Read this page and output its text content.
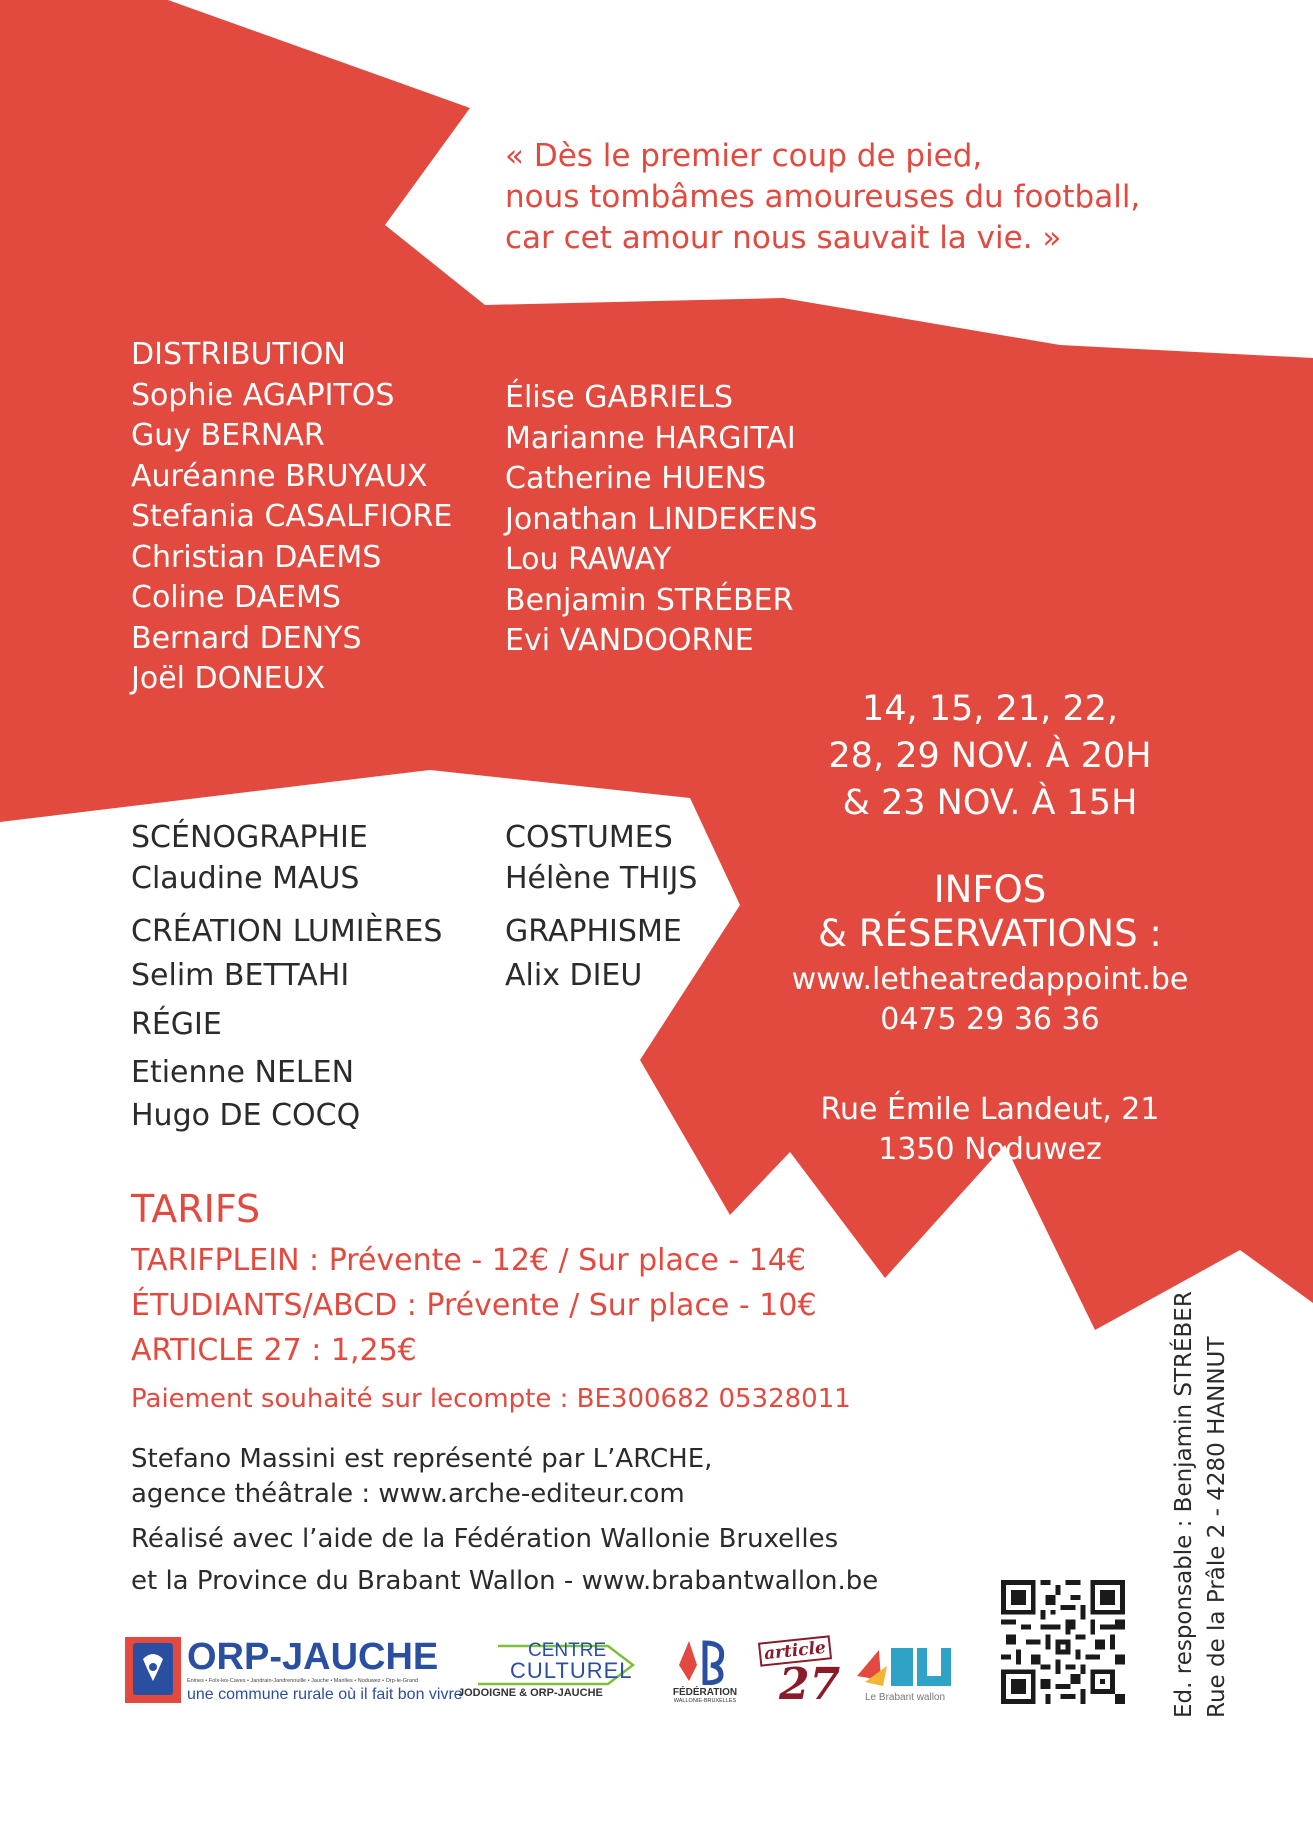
« Dès le premier coup de pied,
nous tombâmes amoureuses du football,
car cet amour nous sauvait la vie. »
DISTRIBUTION
Sophie AGAPITOS
Guy BERNAR
Auréanne BRUYAUX
Stefania CASALFIORE
Christian DAEMS
Coline DAEMS
Bernard DENYS
Joël DONEUX
Élise GABRIELS
Marianne HARGITAI
Catherine HUENS
Jonathan LINDEKENS
Lou RAWAY
Benjamin STRÉBER
Evi VANDOORNE
14, 15, 21, 22,
28, 29 NOV. À 20H
& 23 NOV. À 15H
INFOS
& RÉSERVATIONS :
www.letheatredappoint.be
0475 29 36 36
Rue Émile Landeut, 21
1350 Noduwez
SCÉNOGRAPHIE
Claudine MAUS
CRÉATION LUMIÈRES
Selim BETTAHI
RÉGIE
Etienne NELEN
Hugo DE COCQ
COSTUMES
Hélène THIJS
GRAPHISME
Alix DIEU
TARIFS
TARIFPLEIN : Prévente - 12€ / Sur place - 14€
ÉTUDIANTS/ABCD : Prévente / Sur place - 10€
ARTICLE 27 : 1,25€
Paiement souhaité sur lecompte : BE300682 05328011
Stefano Massini est représenté par L’ARCHE,
agence théâtrale : www.arche-editeur.com
Réalisé avec l’aide de la Fédération Wallonie Bruxelles
et la Province du Brabant Wallon - www.brabantwallon.be	Ed. responsable : Benjamin STRÉBER Rue de la Prâle 2 - 4280 HANNUT
ORP-JAUCHE
Enines • Folx-les-Caves • Jandrain-Jandrenouille • Jauche • Marilles • Noduwez • Orp-le-Grand
une commune rurale où il fait bon vivre
CENTRE
CULTUREL
JODOIGNE & ORP-JAUCHE	FÉDÉRATION
WALLONIE-BRUXELLES
article
27 Le Brabant wallon
